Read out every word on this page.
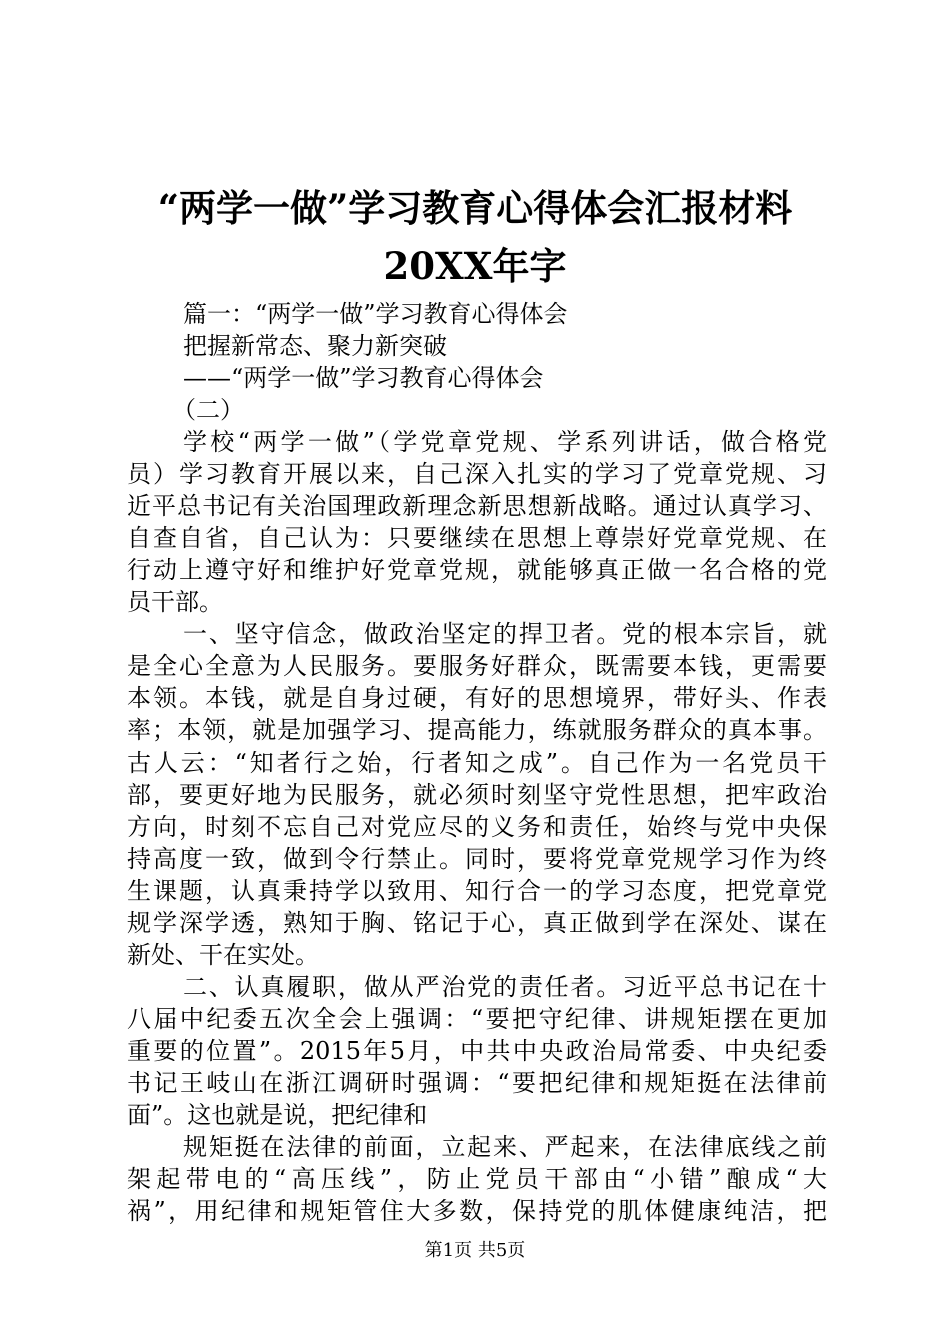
“两学一做”学习教育心得体会汇报材料
20XX年字
篇一：“两学一做”学习教育心得体会
把握新常态、聚力新突破
——“两学一做”学习教育心得体会
（二）
学校“两学一做”（学党章党规、学系列讲话，做合格党
员）学习教育开展以来，自己深入扎实的学习了党章党规、习
近平总书记有关治国理政新理念新思想新战略。通过认真学习、
自查自省，自己认为：只要继续在思想上尊崇好党章党规、在
行动上遵守好和维护好党章党规，就能够真正做一名合格的党
员干部。
一、坚守信念，做政治坚定的捍卫者。党的根本宗旨，就
是全心全意为人民服务。要服务好群众，既需要本钱，更需要
本领。本钱，就是自身过硬，有好的思想境界，带好头、作表
率；本领，就是加强学习、提高能力，练就服务群众的真本事。
古人云：“知者行之始，行者知之成”。自己作为一名党员干
部，要更好地为民服务，就必须时刻坚守党性思想，把牢政治
方向，时刻不忘自己对党应尽的义务和责任，始终与党中央保
持高度一致，做到令行禁止。同时，要将党章党规学习作为终
生课题，认真秉持学以致用、知行合一的学习态度，把党章党
规学深学透，熟知于胸、铭记于心，真正做到学在深处、谋在
新处、干在实处。
二、认真履职，做从严治党的责任者。习近平总书记在十
八届中纪委五次全会上强调：“要把守纪律、讲规矩摆在更加
重要的位置”。2015年5月，中共中央政治局常委、中央纪委
书记王岐山在浙江调研时强调：“要把纪律和规矩挺在法律前
面”。这也就是说，把纪律和
规矩挺在法律的前面，立起来、严起来，在法律底线之前
架起带电的“高压线”，防止党员干部由“小错”酿成“大
祸”，用纪律和规矩管住大多数，保持党的肌体健康纯洁，把
第1页 共5页
